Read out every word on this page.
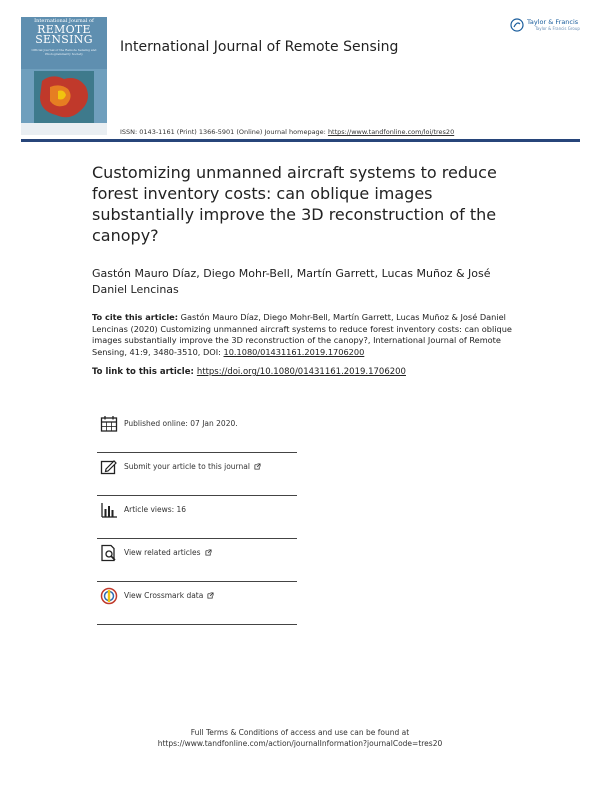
International Journal of
REMOTE
SENSING
Official Journal of the Remote Sensing and Photogrammetry Society	International Journal of Remote Sensing
Taylor & Francis
Taylor & Francis Group
ISSN: 0143-1161 (Print) 1366-5901 (Online) Journal homepage: https://www.tandfonline.com/loi/tres20
Customizing unmanned aircraft systems to reduce forest inventory costs: can oblique images substantially improve the 3D reconstruction of the canopy?
Gastón Mauro Díaz, Diego Mohr-Bell, Martín Garrett, Lucas Muñoz & José Daniel Lencinas
To cite this article: Gastón Mauro Díaz, Diego Mohr-Bell, Martín Garrett, Lucas Muñoz & José Daniel Lencinas (2020) Customizing unmanned aircraft systems to reduce forest inventory costs: can oblique images substantially improve the 3D reconstruction of the canopy?, International Journal of Remote Sensing, 41:9, 3480-3510, DOI: 10.1080/01431161.2019.1706200
To link to this article: https://doi.org/10.1080/01431161.2019.1706200
Published online: 07 Jan 2020.
Submit your article to this journal
Article views: 16
View related articles
View Crossmark data
Full Terms & Conditions of access and use can be found at
https://www.tandfonline.com/action/journalInformation?journalCode=tres20
